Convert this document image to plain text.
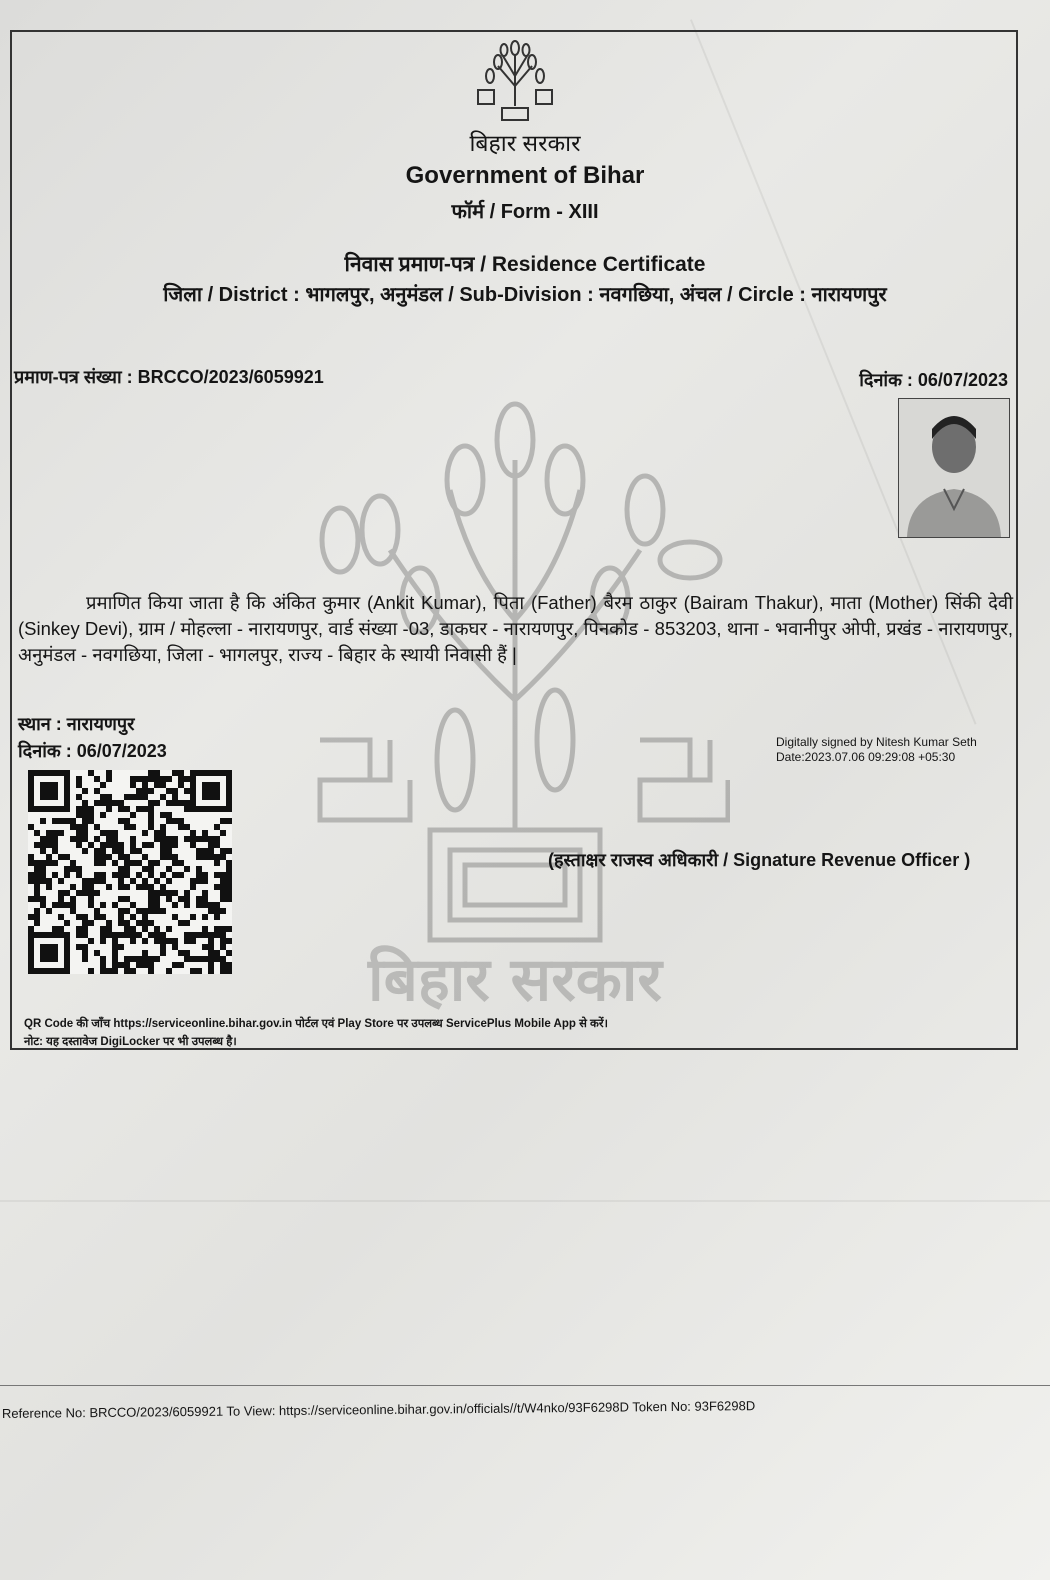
बिहार सरकार
Government of Bihar
फॉर्म / Form - XIII
निवास प्रमाण-पत्र / Residence Certificate
जिला / District : भागलपुर, अनुमंडल / Sub-Division : नवगछिया, अंचल / Circle : नारायणपुर
प्रमाण-पत्र संख्या : BRCCO/2023/6059921	दिनांक : 06/07/2023
बिहार सरकार
प्रमाणित किया जाता है कि अंकित कुमार (Ankit Kumar), पिता (Father) बैरम ठाकुर (Bairam Thakur), माता (Mother) सिंकी देवी (Sinkey Devi), ग्राम / मोहल्ला - नारायणपुर, वार्ड संख्या -03, डाकघर - नारायणपुर, पिनकोड - 853203, थाना - भवानीपुर ओपी, प्रखंड - नारायणपुर, अनुमंडल - नवगछिया, जिला - भागलपुर, राज्य - बिहार के स्थायी निवासी हैं |
स्थान : नारायणपुर
दिनांक : 06/07/2023	Digitally signed by Nitesh Kumar Seth
Date:2023.07.06 09:29:08 +05:30
(हस्ताक्षर राजस्व अधिकारी / Signature Revenue Officer )
QR Code की जाँच https://serviceonline.bihar.gov.in पोर्टल एवं Play Store पर उपलब्ध ServicePlus Mobile App से करें।
नोट: यह दस्तावेज DigiLocker पर भी उपलब्ध है।
Reference No: BRCCO/2023/6059921 To View: https://serviceonline.bihar.gov.in/officials//t/W4nko/93F6298D Token No: 93F6298D
